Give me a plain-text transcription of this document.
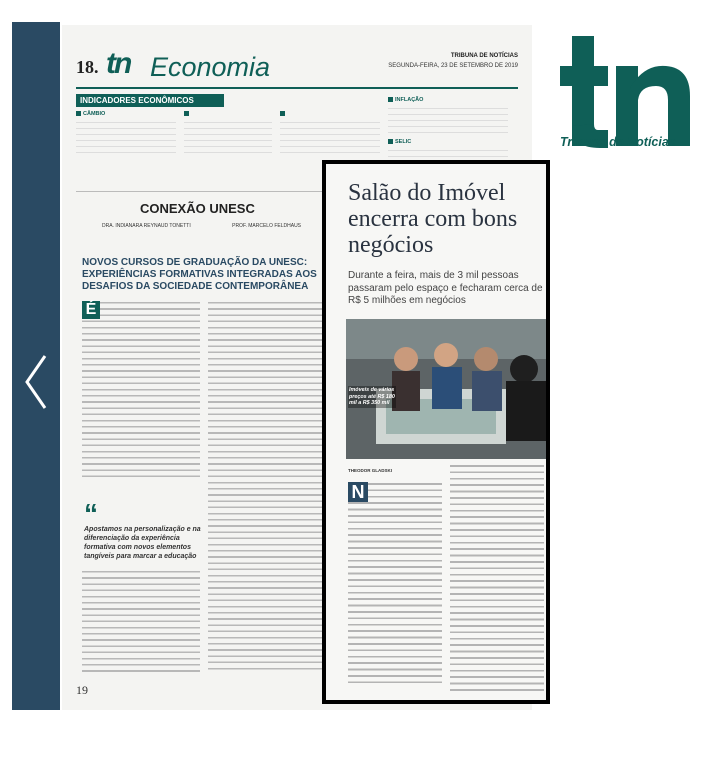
18. tn Economia	TRIBUNA DE NOTÍCIAS
SEGUNDA-FEIRA, 23 DE SETEMBRO DE 2019
INDICADORES ECONÔMICOS
CÂMBIO

INFLAÇÃO
SELIC
CONEXÃO UNESC
DRA. INDIANARA REYNAUD TONETTI	PROF. MARCELO FELDHAUS
NOVOS CURSOS DE GRADUAÇÃO DA UNESC: EXPERIÊNCIAS FORMATIVAS INTEGRADAS AOS DESAFIOS DA SOCIEDADE CONTEMPORÂNEA
É
“
Apostamos na personalização e na diferenciação da experiência formativa com novos elementos tangíveis para marcar a educação
19
Salão do Imóvel encerra com bons negócios
Durante a feira, mais de 3 mil pessoas passaram pelo espaço e fecharam cerca de R$ 5 milhões em negócios
Imóveis de vários preços até R$ 180 mil a R$ 350 mil
THEODOR GLADSKI
N
Tribuna de Notícias
